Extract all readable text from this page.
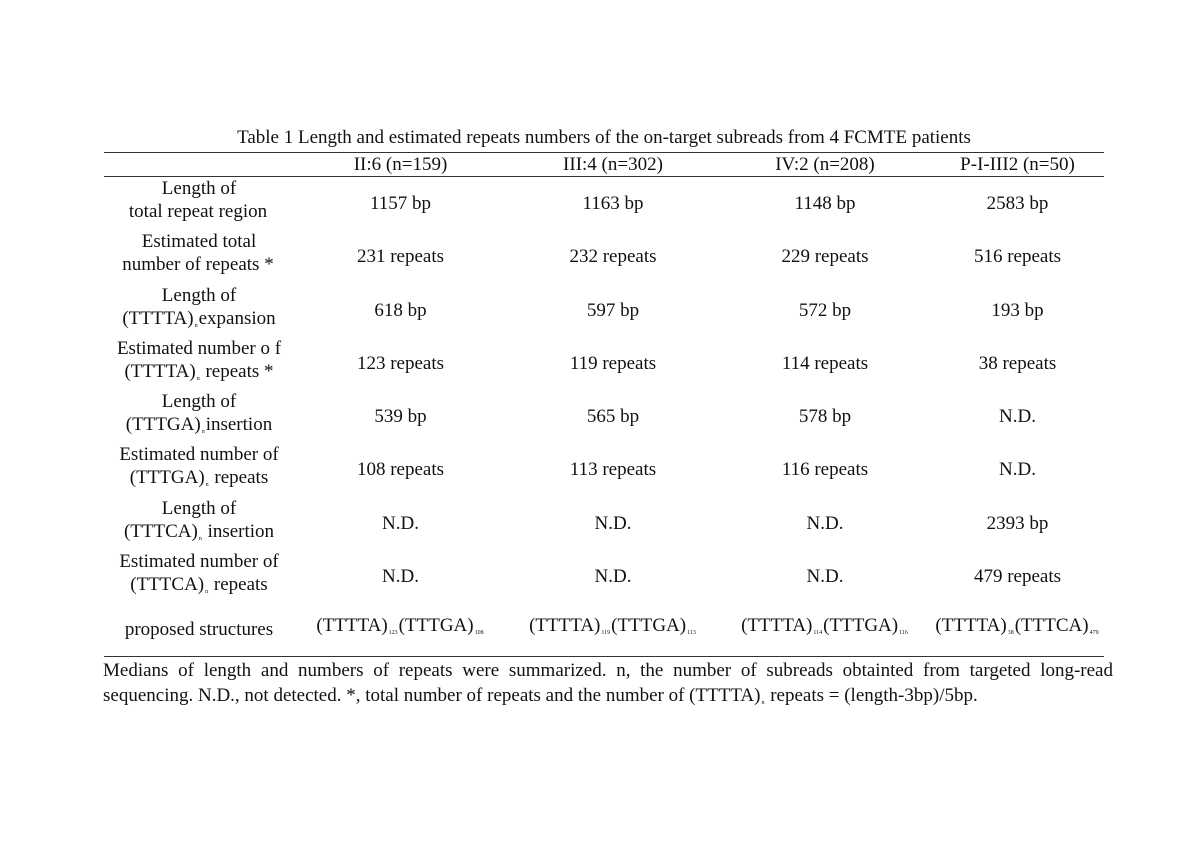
Table 1 Length and estimated repeats numbers of the on-target subreads from 4 FCMTE patients
II:6 (n=159)	III:4 (n=302)	IV:2 (n=208)	P-I-III2 (n=50)
Length of
total repeat region	1157 bp	1163 bp	1148 bp	2583 bp
Estimated total
number of repeats *	231 repeats	232 repeats	229 repeats	516 repeats
Length of
$(TTTTA)_nexpansion$	618 bp	597 bp	572 bp	193 bp
Estimated number o f
$(TTTTA)_n$ repeats *	123 repeats	119 repeats	114 repeats	38 repeats
Length of
$(TTTGA)_ninsertion$	539 bp	565 bp	578 bp	N.D.
Estimated number of
$(TTTGA)_n$ repeats	108 repeats	113 repeats	116 repeats	N.D.
Length of
$(TTTCA)_n$ insertion	N.D.	N.D.	N.D.	2393 bp
Estimated number of
$(TTTCA)_n$ repeats	N.D.	N.D.	N.D.	479 repeats
proposed structures	$(TTTTA)_{123}(TTTGA)_{108}$ $(TTTTA)_{119}(TTTGA)_{113}$ $(TTTTA)_{114}(TTTGA)_{116}$ $(TTTTA)_{38}(TTTCA)_{479}$
Medians of length and numbers of repeats were summarized. n, the number of subreads obtainted from targeted long-read sequencing. N.D., not detected. *, total number of repeats and the number of $(TTTTA)_n$ repeats = (length-3bp)/5bp.
